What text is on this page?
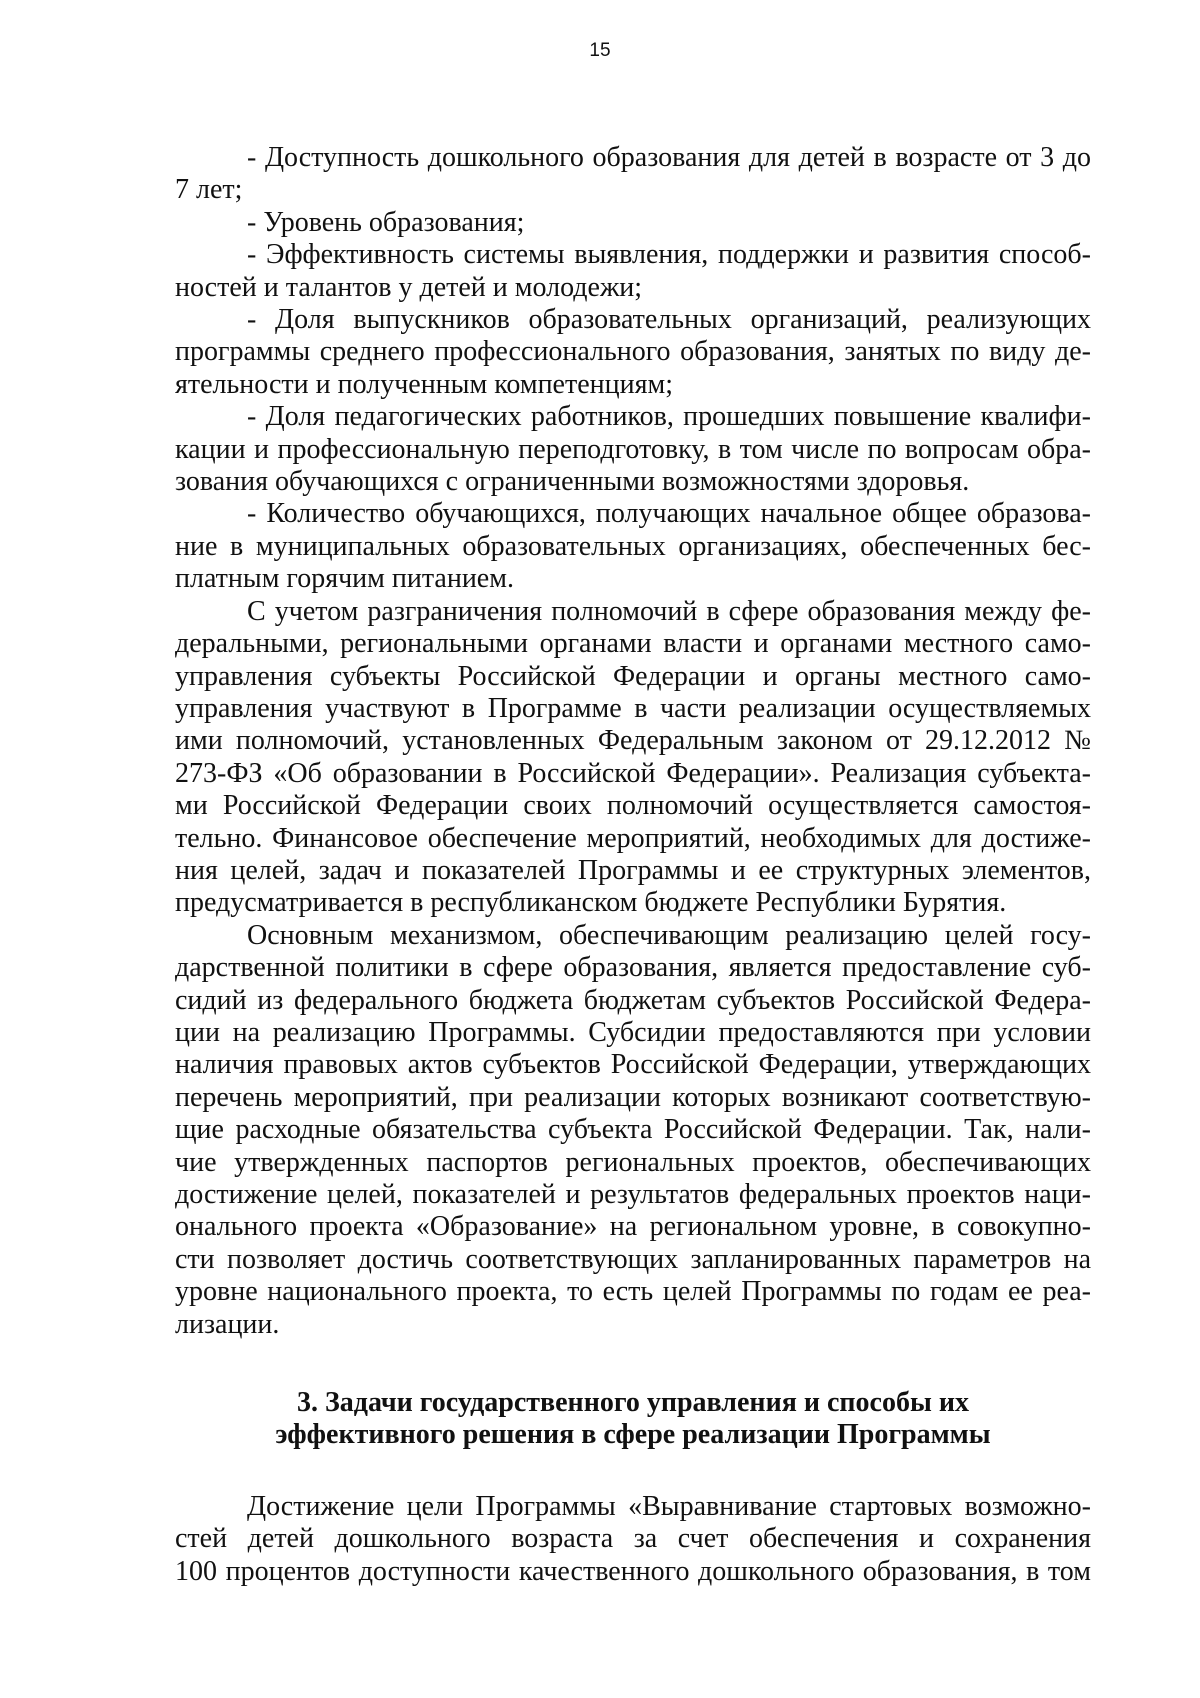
15

- Доступность дошкольного образования для детей в возрасте от 3 до
7 лет;

- Уровень образования;

- Эффективность системы выявления, поддержки и развития способ-
ностей и талантов у детей и молодежи;

- Доля выпускников образовательных организаций, реализующих
программы среднего профессионального образования, занятых по виду де-
ятельности и полученным компетенциям;

- Доля педагогических работников, прошедших повышение квалифи-
кации и профессиональную переподготовку, в том числе по вопросам обра-
зования обучающихся с ограниченными возможностями здоровья.

- Количество обучающихся, получающих начальное общее образова-
ние в муниципальных образовательных организациях, обеспеченных бес-
платным горячим питанием.

С учетом разграничения полномочий в сфере образования между фе-
деральными, региональными органами власти и органами местного само-
управления субъекты Российской Федерации и органы местного само-
управления участвуют в Программе в части реализации осуществляемых
ими полномочий, установленных Федеральным законом от 29.12.2012 №
273-ФЗ «Об образовании в Российской Федерации». Реализация субъекта-
ми Российской Федерации своих полномочий осуществляется самостоя-
тельно. Финансовое обеспечение мероприятий, необходимых для достиже-
ния целей, задач и показателей Программы и ее структурных элементов,
предусматривается в республиканском бюджете Республики Бурятия.

Основным механизмом, обеспечивающим реализацию целей госу-
дарственной политики в сфере образования, является предоставление суб-
сидий из федерального бюджета бюджетам субъектов Российской Федера-
ции на реализацию Программы. Субсидии предоставляются при условии
наличия правовых актов субъектов Российской Федерации, утверждающих
перечень мероприятий, при реализации которых возникают соответствую-
щие расходные обязательства субъекта Российской Федерации. Так, нали-
чие утвержденных паспортов региональных проектов, обеспечивающих
достижение целей, показателей и результатов федеральных проектов наци-
онального проекта «Образование» на региональном уровне, в совокупно-
сти позволяет достичь соответствующих запланированных параметров на
уровне национального проекта, то есть целей Программы по годам ее реа-
лизации.

3. Задачи государственного управления и способы их
эффективного решения в сфере реализации Программы

Достижение цели Программы «Выравнивание стартовых возможно-
стей детей дошкольного возраста за счет обеспечения и сохранения
100 процентов доступности качественного дошкольного образования, в том
